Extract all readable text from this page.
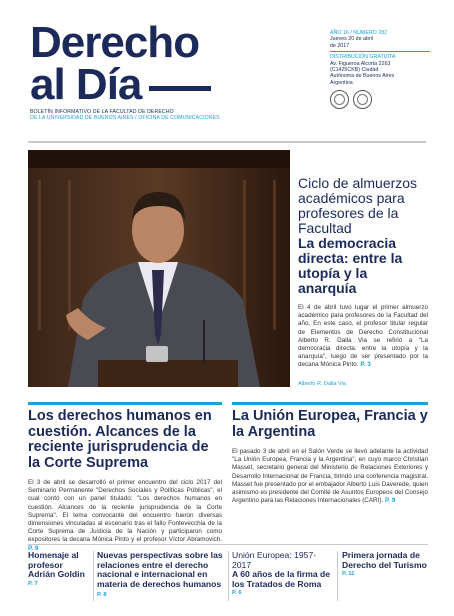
Derecho
al Día
BOLETÍN INFORMATIVO DE LA FACULTAD DE DERECHO
DE LA UNIVERSIDAD DE BUENOS AIRES / OFICINA DE COMUNICACIONES
AÑO 16 / NÚMERO 282
Jueves 20 de abril
de 2017
DISTRIBUCIÓN GRATUITA
Av. Figueroa Alcorta 2263
(C1425CKB) Ciudad
Autónoma de Buenos Aires
Argentina
Ciclo de almuerzos académicos para profesores de la Facultad
La democracia directa: entre la utopía y la anarquía
El 4 de abril tuvo lugar el primer almuerzo académico para profesores de la Facultad del año. En este caso, el profesor titular regular de Elementos de Derecho Constitucional Alberto R. Dalla Via se refirió a "La democracia directa: entre la utopía y la anarquía", luego de ser presentado por la decana Mónica Pinto. P. 3
Alberto R. Dalla Via
Los derechos humanos en cuestión. Alcances de la reciente jurisprudencia de la Corte Suprema

El 3 de abril se desarrolló el primer encuentro del ciclo 2017 del Seminario Permanente "Derechos Sociales y Políticas Públicas", el cual contó con un panel titulado: "Los derechos humanos en cuestión. Alcances de la reciente jurisprudencia de la Corte Suprema". El tema convocante del encuentro fueron diversas dimensiones vinculadas al escenario tras el fallo Fontevecchia de la Corte Suprema de Justicia de la Nación y participaron como expositores la decana Mónica Pinto y el profesor Víctor Abramovich. P. 9

La Unión Europea, Francia y la Argentina

El pasado 3 de abril en el Salón Verde se llevó adelante la actividad "La Unión Europea, Francia y la Argentina", en cuyo marco Christian Masset, secretario general del Ministerio de Relaciones Exteriores y Desarrollo Internacional de Francia, brindó una conferencia magistral. Masset fue presentado por el embajador Alberto Luis Daverede, quien asimismo es presidente del Comité de Asuntos Europeos del Consejo Argentino para las Relaciones Internacionales (CARI). P. 9

Homenaje al profesor Adrián Goldin
P. 7
Nuevas perspectivas sobre las relaciones entre el derecho nacional e internacional en materia de derechos humanos P. 8
Unión Europea: 1957-2017
A 60 años de la firma de los Tratados de Roma
P. 6
Primera jornada de Derecho del Turismo
P. 11
